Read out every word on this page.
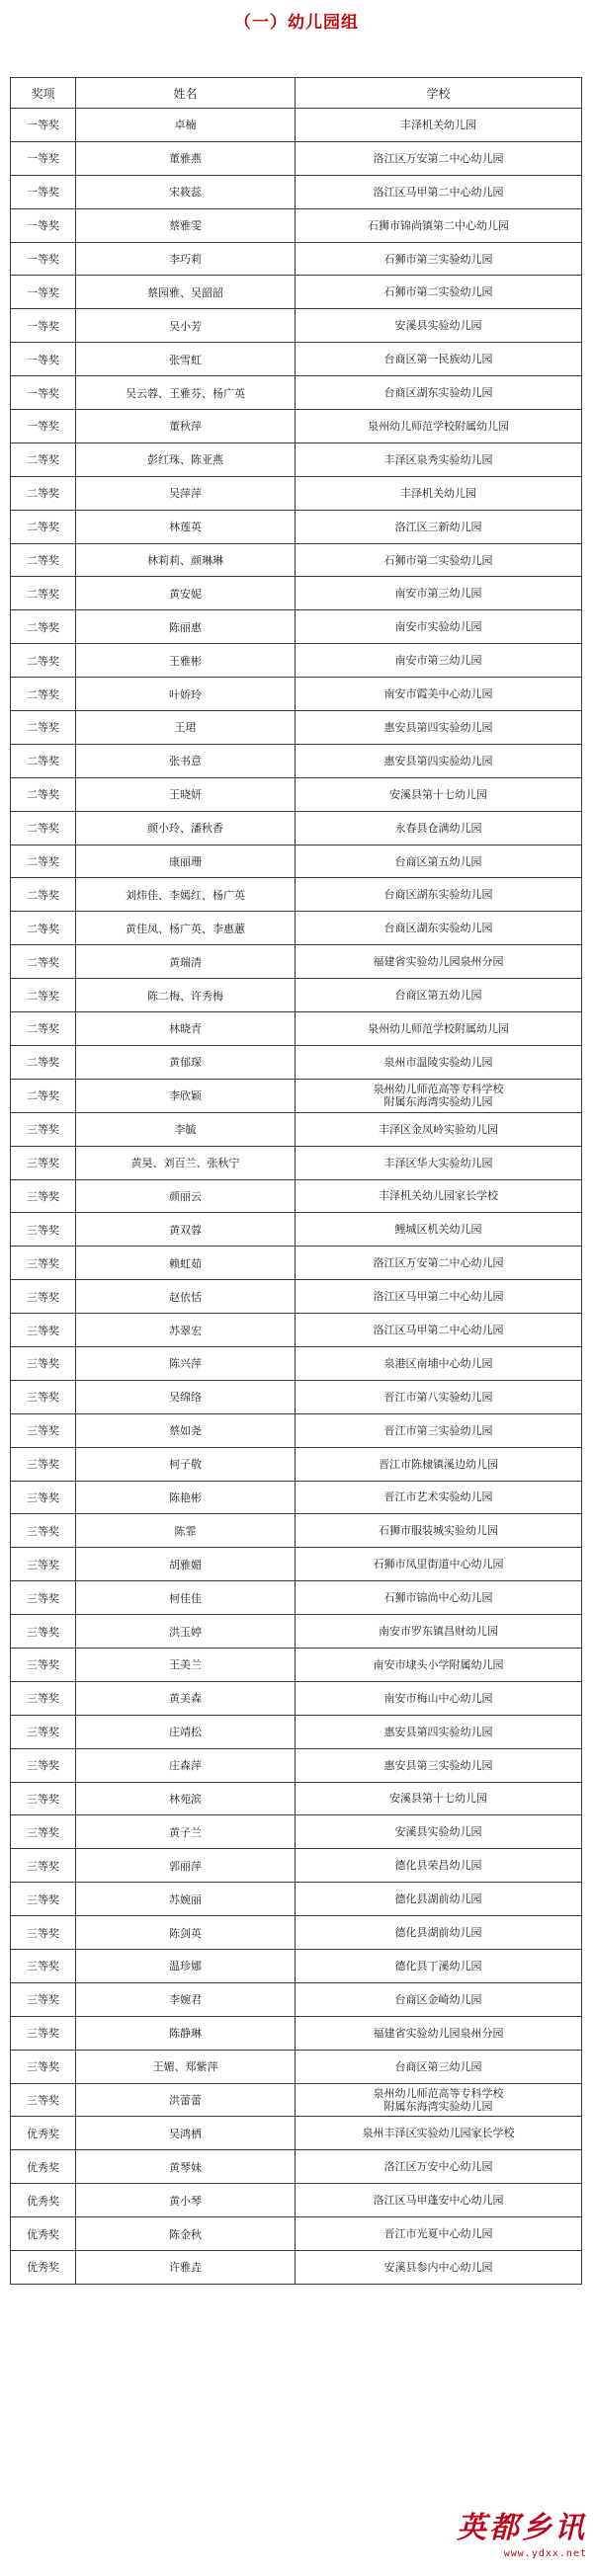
（一）幼儿园组
奖项	姓名	学校
一等奖	卓楠	丰泽机关幼儿园
一等奖	董雅燕	洛江区万安第二中心幼儿园
一等奖	宋筱蕊	洛江区马甲第二中心幼儿园
一等奖	蔡雅雯	石狮市锦尚镇第二中心幼儿园
一等奖	李巧莉	石狮市第三实验幼儿园
一等奖	蔡园雅、吴韶韶	石狮市第二实验幼儿园
一等奖	吴小芳	安溪县实验幼儿园
一等奖	张雪虹	台商区第一民族幼儿园
一等奖	吴云蓉、王雅芬、杨广英	台商区湖东实验幼儿园
一等奖	董秋萍	泉州幼儿师范学校附属幼儿园
二等奖	彭红珠、陈亚燕	丰泽区泉秀实验幼儿园
二等奖	吴萍萍	丰泽机关幼儿园
二等奖	林莲英	洛江区三新幼儿园
二等奖	林莉莉、颜琳琳	石狮市第二实验幼儿园
二等奖	黄安妮	南安市第三幼儿园
二等奖	陈丽惠	南安市实验幼儿园
二等奖	王雅彬	南安市第三幼儿园
二等奖	叶娇玲	南安市霞美中心幼儿园
二等奖	王珺	惠安县第四实验幼儿园
二等奖	张书意	惠安县第四实验幼儿园
二等奖	王晓妍	安溪县第十七幼儿园
二等奖	颜小玲、潘秋香	永春县仓满幼儿园
二等奖	康丽珊	台商区第五幼儿园
二等奖	刘炜佳、李嫣红、杨广英	台商区湖东实验幼儿园
二等奖	黄佳凤、杨广英、李惠蕙	台商区湖东实验幼儿园
二等奖	黄瑞清	福建省实验幼儿园泉州分园
二等奖	陈二梅、许秀梅	台商区第五幼儿园
二等奖	林晓青	泉州幼儿师范学校附属幼儿园
二等奖	黄郁琛	泉州市温陵实验幼儿园
二等奖	李欣颖	泉州幼儿师范高等专科学校
附属东海湾实验幼儿园
三等奖	李毓	丰泽区金凤岭实验幼儿园
三等奖	黄昊、刘百兰、张秋宁	丰泽区华大实验幼儿园
三等奖	颜丽云	丰泽机关幼儿园家长学校
三等奖	黄双蓉	鲤城区机关幼儿园
三等奖	赖虹茹	洛江区万安第二中心幼儿园
三等奖	赵依恬	洛江区马甲第二中心幼儿园
三等奖	苏翠宏	洛江区马甲第二中心幼儿园
三等奖	陈兴萍	泉港区南埔中心幼儿园
三等奖	吴绵络	晋江市第八实验幼儿园
三等奖	蔡如尧	晋江市第三实验幼儿园
三等奖	柯子敬	晋江市陈棣镇溪边幼儿园
三等奖	陈艳彬	晋江市艺术实验幼儿园
三等奖	陈霏	石狮市服装城实验幼儿园
三等奖	胡雅媚	石狮市凤里街道中心幼儿园
三等奖	柯佳佳	石狮市锦尚中心幼儿园
三等奖	洪玉婷	南安市罗东镇昌财幼儿园
三等奖	王美兰	南安市埭头小学附属幼儿园
三等奖	黄美森	南安市梅山中心幼儿园
三等奖	庄靖松	惠安县第四实验幼儿园
三等奖	庄森萍	惠安县第三实验幼儿园
三等奖	林苑滨	安溪县第十七幼儿园
三等奖	黄子兰	安溪县实验幼儿园
三等奖	郭丽萍	德化县荣昌幼儿园
三等奖	苏婉丽	德化县湖前幼儿园
三等奖	陈剑英	德化县湖前幼儿园
三等奖	温珍娜	德化县丁溪幼儿园
三等奖	李婉君	台商区金崎幼儿园
三等奖	陈静琳	福建省实验幼儿园泉州分园
三等奖	王媚、郑紫萍	台商区第三幼儿园
三等奖	洪蕾蕾	泉州幼儿师范高等专科学校
附属东海湾实验幼儿园
优秀奖	吴鸿栖	泉州丰泽区实验幼儿园家长学校
优秀奖	黄琴妹	洛江区万安中心幼儿园
优秀奖	黄小琴	洛江区马甲蓬安中心幼儿园
优秀奖	陈金秋	晋江市光夏中心幼儿园
优秀奖	许雅垚	安溪县参内中心幼儿园
英都乡讯
www.ydxx.net
